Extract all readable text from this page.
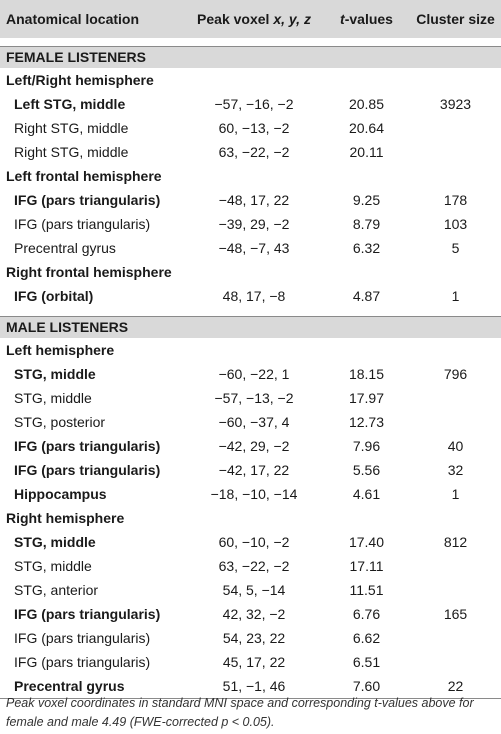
Anatomical location	Peak voxel x, y, z	t-values	Cluster size

FEMALE LISTENERS			
Left/Right hemisphere			
Left STG, middle	−57, −16, −2	20.85	3923
Right STG, middle	60, −13, −2	20.64	
Right STG, middle	63, −22, −2	20.11	
Left frontal hemisphere			
IFG (pars triangularis)	−48, 17, 22	9.25	178
IFG (pars triangularis)	−39, 29, −2	8.79	103
Precentral gyrus	−48, −7, 43	6.32	5
Right frontal hemisphere			
IFG (orbital)	48, 17, −8	4.87	1

MALE LISTENERS			
Left hemisphere			
STG, middle	−60, −22, 1	18.15	796
STG, middle	−57, −13, −2	17.97	
STG, posterior	−60, −37, 4	12.73	
IFG (pars triangularis)	−42, 29, −2	7.96	40
IFG (pars triangularis)	−42, 17, 22	5.56	32
Hippocampus	−18, −10, −14	4.61	1
Right hemisphere			
STG, middle	60, −10, −2	17.40	812
STG, middle	63, −22, −2	17.11	
STG, anterior	54, 5, −14	11.51	
IFG (pars triangularis)	42, 32, −2	6.76	165
IFG (pars triangularis)	54, 23, 22	6.62	
IFG (pars triangularis)	45, 17, 22	6.51	
Precentral gyrus	51, −1, 46	7.60	22
Peak voxel coordinates in standard MNI space and corresponding t-values above for female and male 4.49 (FWE-corrected p < 0.05).
